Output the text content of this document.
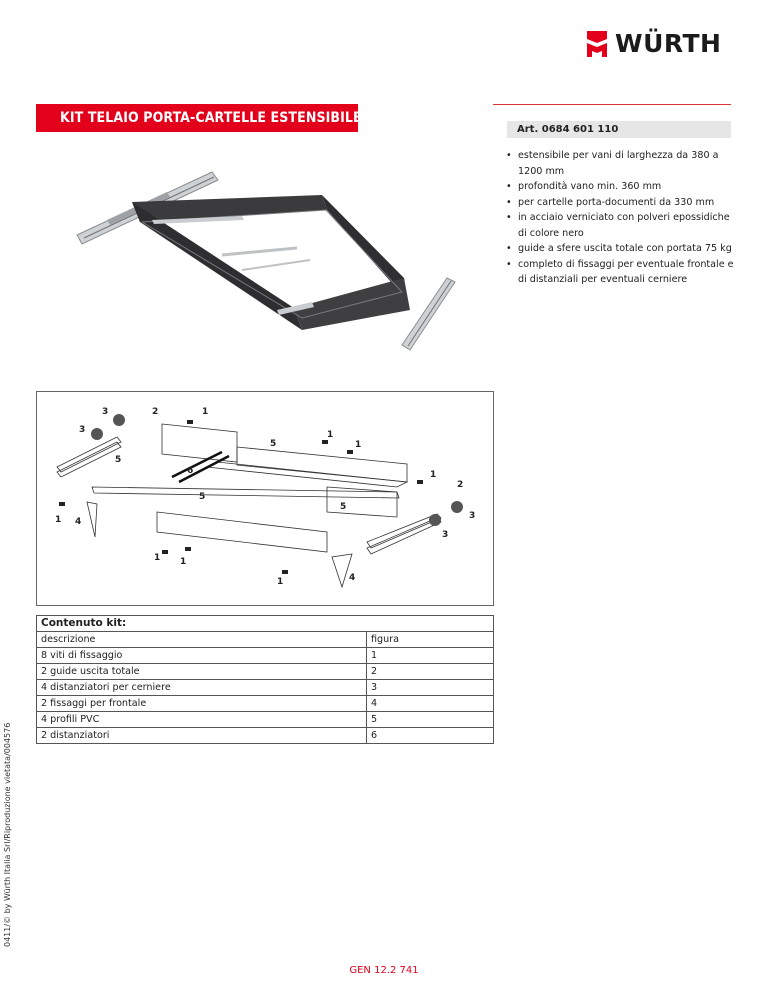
WÜRTH
KIT TELAIO PORTA-CARTELLE ESTENSIBILE
Art. 0684 601 110
• estensibile per vani di larghezza da 380 a 1200 mm
• profondità vano min. 360 mm
• per cartelle porta-documenti da 330 mm
• in acciaio verniciato con polveri epossidiche di colore nero
• guide a sfere uscita totale con portata 75 kg
• completo di fissaggi per eventuale frontale e di distanziali per eventuali cerniere
1
1
1
1
1
1 1
1
2
2
3
3
3
3
4
4
5
5
5
5
6
Contenuto kit:	
descrizione	figura
8 viti di fissaggio	1
2 guide uscita totale	2
4 distanziatori per cerniere	3
2 fissaggi per frontale	4
4 profili PVC	5
2 distanziatori	6
0411/© by Würth Italia Srl/Riproduzione vietata/004576
GEN 12.2 741
